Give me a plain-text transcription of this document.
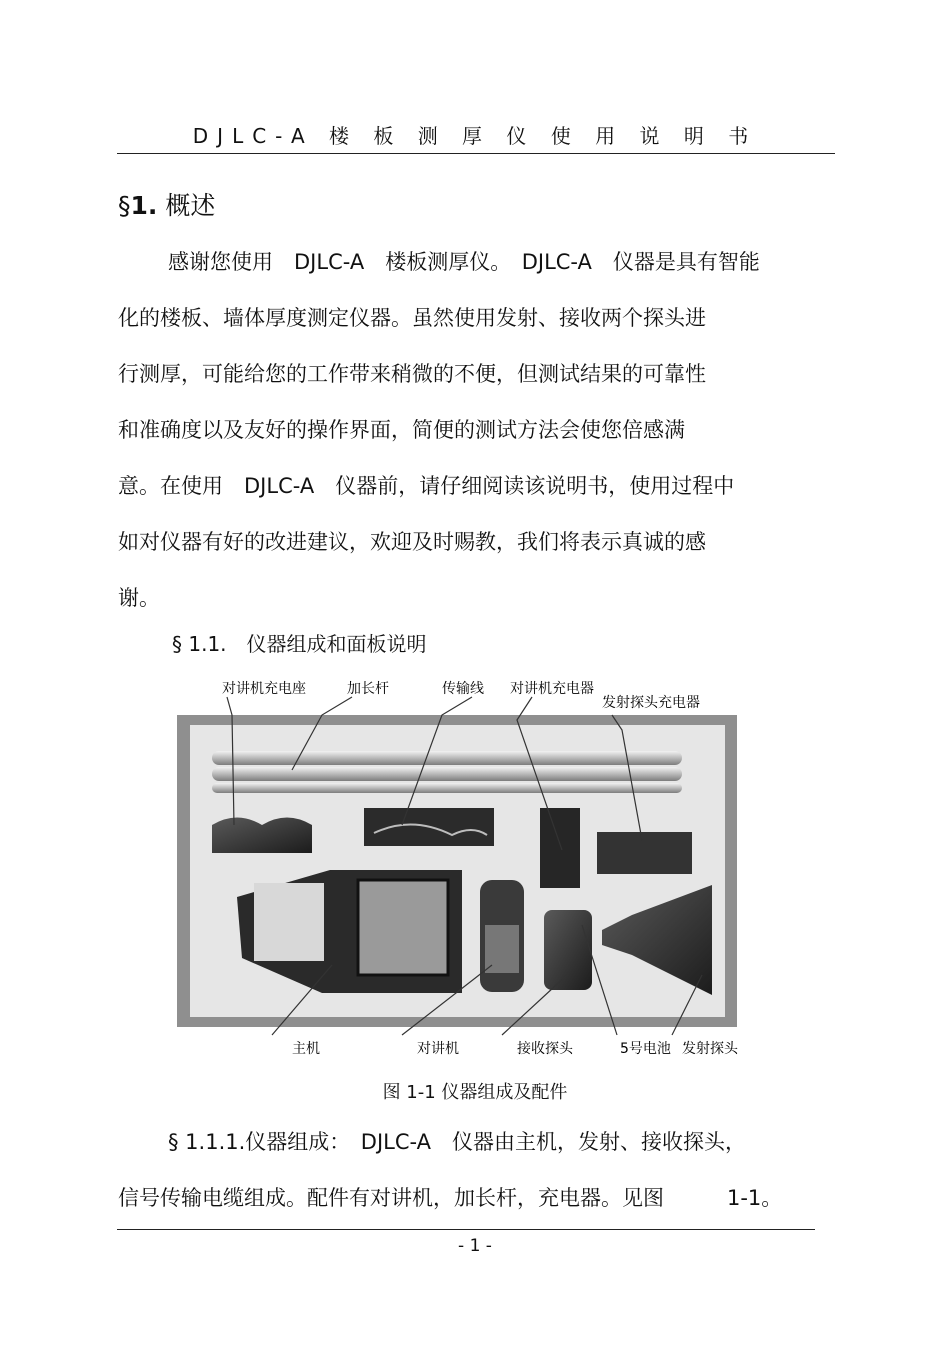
DJLC-A 楼 板 测 厚 仪 使 用 说 明 书
§1. 概述
感谢您使用　DJLC-A　楼板测厚仪。　DJLC-A　仪器是具有智能
化的楼板、墙体厚度测定仪器。虽然使用发射、接收两个探头进
行测厚，可能给您的工作带来稍微的不便，但测试结果的可靠性
和准确度以及友好的操作界面，简便的测试方法会使您倍感满
意。在使用　DJLC-A　仪器前，请仔细阅读该说明书，使用过程中
如对仪器有好的改进建议，欢迎及时赐教，我们将表示真诚的感
谢。
§ 1.1.　仪器组成和面板说明
对讲机充电座	加长杆	传输线 对讲机充电器
发射探头充电器
主机	对讲机	接收探头	5号电池 发射探头
图 1-1 仪器组成及配件
§ 1.1.1.仪器组成：　DJLC-A　仪器由主机，发射、接收探头，
信号传输电缆组成。配件有对讲机，加长杆，充电器。见图　　　1-1。
- 1 -
